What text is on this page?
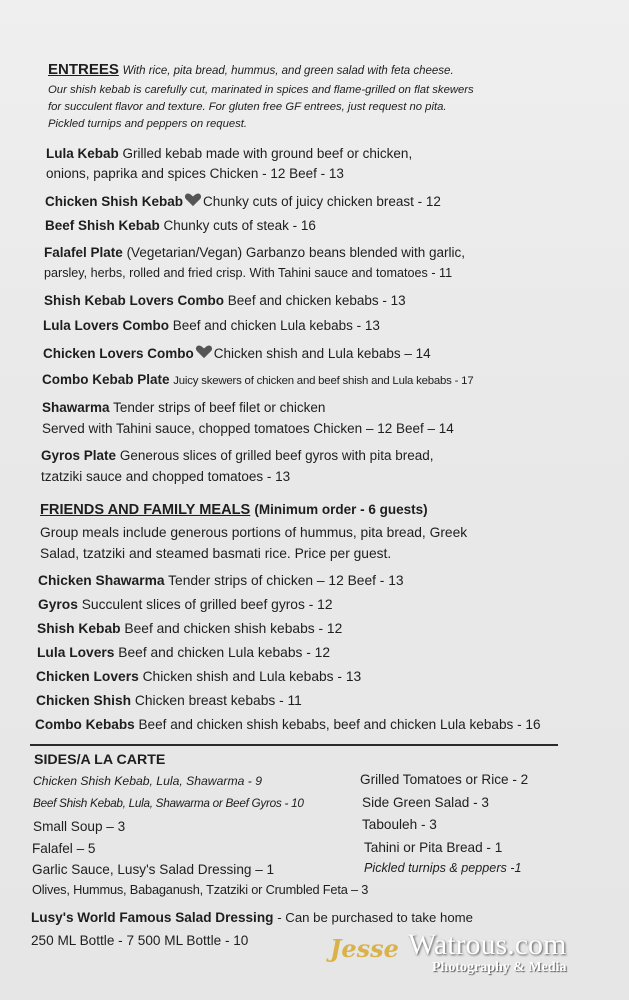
ENTREES With rice, pita bread, hummus, and green salad with feta cheese.
Our shish kebab is carefully cut, marinated in spices and flame-grilled on flat skewers
for succulent flavor and texture. For gluten free GF entrees, just request no pita.
Pickled turnips and peppers on request.
Lula Kebab Grilled kebab made with ground beef or chicken,
onions, paprika and spices Chicken - 12 Beef - 13
Chicken Shish Kebab Chunky cuts of juicy chicken breast - 12
Beef Shish Kebab Chunky cuts of steak - 16
Falafel Plate (Vegetarian/Vegan) Garbanzo beans blended with garlic,
parsley, herbs, rolled and fried crisp. With Tahini sauce and tomatoes - 11
Shish Kebab Lovers Combo Beef and chicken kebabs - 13
Lula Lovers Combo Beef and chicken Lula kebabs - 13
Chicken Lovers Combo Chicken shish and Lula kebabs – 14
Combo Kebab Plate Juicy skewers of chicken and beef shish and Lula kebabs - 17
Shawarma Tender strips of beef filet or chicken
Served with Tahini sauce, chopped tomatoes Chicken – 12 Beef – 14
Gyros Plate Generous slices of grilled beef gyros with pita bread,
tzatziki sauce and chopped tomatoes - 13
FRIENDS AND FAMILY MEALS (Minimum order - 6 guests)
Group meals include generous portions of hummus, pita bread, Greek
Salad, tzatziki and steamed basmati rice. Price per guest.
Chicken Shawarma Tender strips of chicken – 12 Beef - 13
Gyros Succulent slices of grilled beef gyros - 12
Shish Kebab Beef and chicken shish kebabs - 12
Lula Lovers Beef and chicken Lula kebabs - 12
Chicken Lovers Chicken shish and Lula kebabs - 13
Chicken Shish Chicken breast kebabs - 11
Combo Kebabs Beef and chicken shish kebabs, beef and chicken Lula kebabs - 16
SIDES/A LA CARTE
Chicken Shish Kebab, Lula, Shawarma - 9
Beef Shish Kebab, Lula, Shawarma or Beef Gyros - 10
Small Soup – 3
Falafel – 5
Garlic Sauce, Lusy's Salad Dressing – 1
Olives, Hummus, Babaganush, Tzatziki or Crumbled Feta – 3
Grilled Tomatoes or Rice - 2
Side Green Salad - 3
Tabouleh - 3
Tahini or Pita Bread - 1
Pickled turnips & peppers -1
Lusy's World Famous Salad Dressing - Can be purchased to take home
250 ML Bottle - 7 500 ML Bottle - 10	Jesse Watrous.com
Photography & Media
